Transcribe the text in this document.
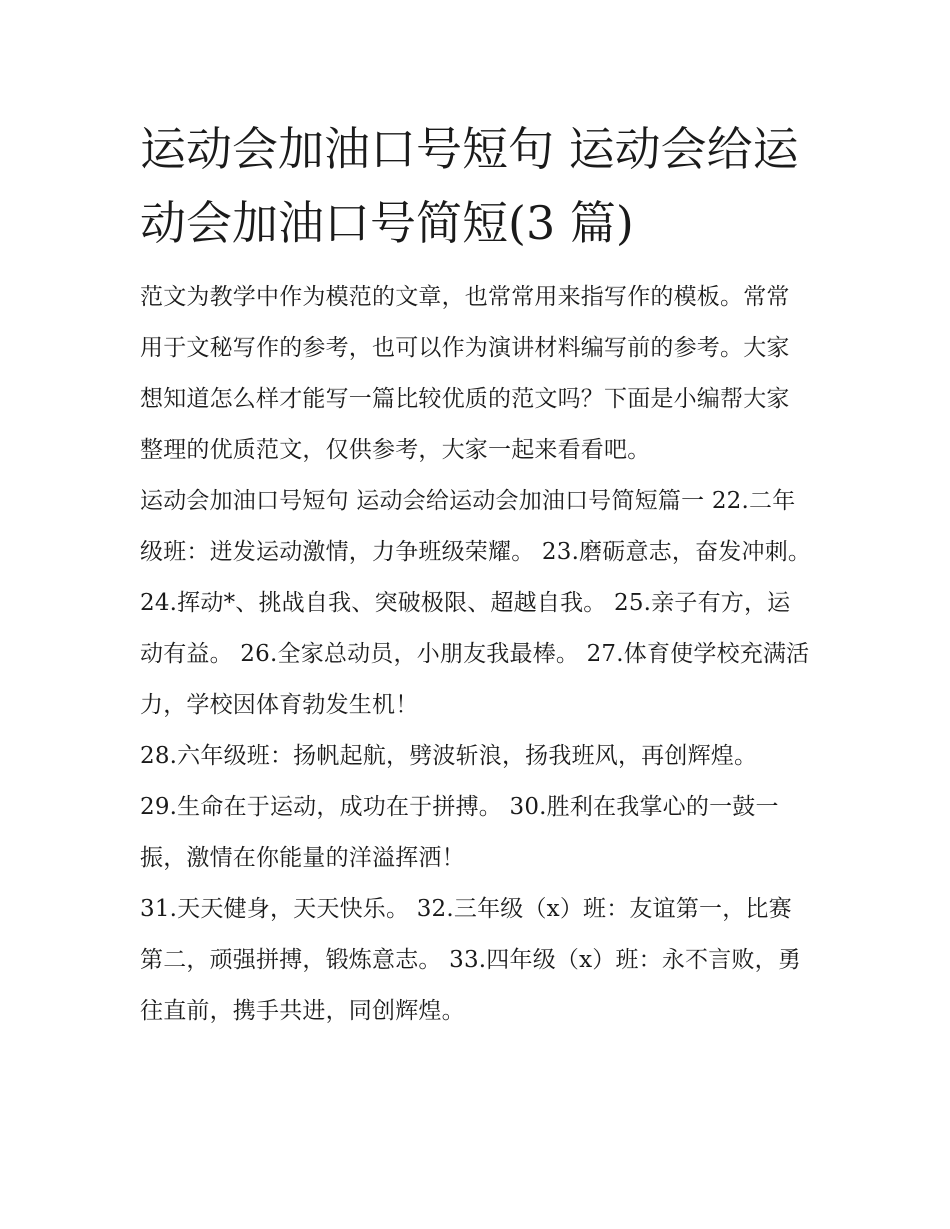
运动会加油口号短句 运动会给运动会加油口号简短(3 篇)

范文为教学中作为模范的文章，也常常用来指写作的模板。常常用于文秘写作的参考，也可以作为演讲材料编写前的参考。大家想知道怎么样才能写一篇比较优质的范文吗？下面是小编帮大家整理的优质范文，仅供参考，大家一起来看看吧。

运动会加油口号短句 运动会给运动会加油口号简短篇一 22.二年级班：迸发运动激情，力争班级荣耀。 23.磨砺意志，奋发冲刺。

24.挥动*、挑战自我、突破极限、超越自我。 25.亲子有方，运动有益。 26.全家总动员，小朋友我最棒。 27.体育使学校充满活力，学校因体育勃发生机！

28.六年级班：扬帆起航，劈波斩浪，扬我班风，再创辉煌。

29.生命在于运动，成功在于拼搏。 30.胜利在我掌心的一鼓一振，激情在你能量的洋溢挥洒！

31.天天健身，天天快乐。 32.三年级（x）班：友谊第一，比赛第二，顽强拼搏，锻炼意志。 33.四年级（x）班：永不言败，勇往直前，携手共进，同创辉煌。
